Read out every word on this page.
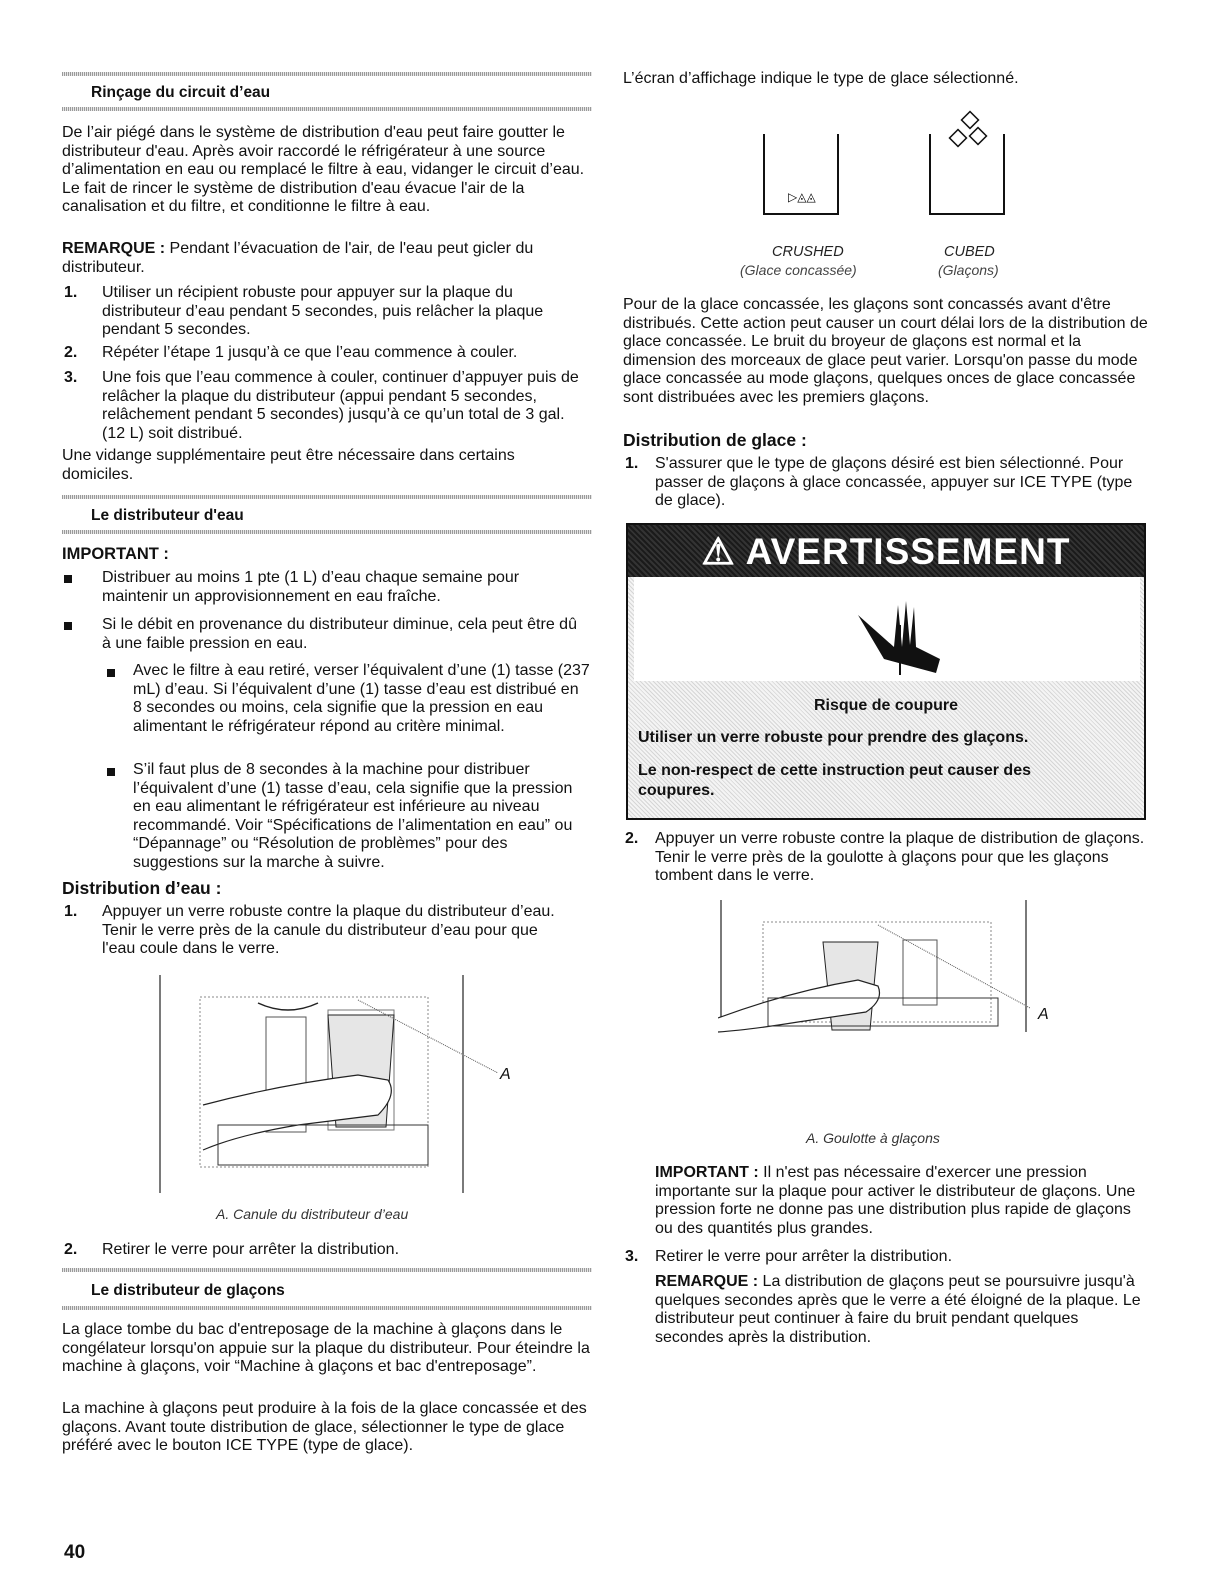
Rinçage du circuit d’eau

De l’air piégé dans le système de distribution d'eau peut faire goutter le distributeur d'eau. Après avoir raccordé le réfrigérateur à une source d’alimentation en eau ou remplacé le filtre à eau, vidanger le circuit d’eau. Le fait de rincer le système de distribution d'eau évacue l'air de la canalisation et du filtre, et conditionne le filtre à eau.

REMARQUE : Pendant l’évacuation de l'air, de l'eau peut gicler du distributeur.

1. Utiliser un récipient robuste pour appuyer sur la plaque du distributeur d’eau pendant 5 secondes, puis relâcher la plaque pendant 5 secondes.

2. Répéter l’étape 1 jusqu’à ce que l’eau commence à couler.

3. Une fois que l’eau commence à couler, continuer d’appuyer puis de relâcher la plaque du distributeur (appui pendant 5 secondes, relâchement pendant 5 secondes) jusqu’à ce qu’un total de 3 gal. (12 L) soit distribué.

Une vidange supplémentaire peut être nécessaire dans certains domiciles.

Le distributeur d'eau
IMPORTANT :

Distribuer au moins 1 pte (1 L) d’eau chaque semaine pour maintenir un approvisionnement en eau fraîche.

Si le débit en provenance du distributeur diminue, cela peut être dû à une faible pression en eau.

Avec le filtre à eau retiré, verser l’équivalent d’une (1) tasse (237 mL) d’eau. Si l’équivalent d’une (1) tasse d’eau est distribué en 8 secondes ou moins, cela signifie que la pression en eau alimentant le réfrigérateur répond au critère minimal.

S’il faut plus de 8 secondes à la machine pour distribuer l’équivalent d’une (1) tasse d’eau, cela signifie que la pression en eau alimentant le réfrigérateur est inférieure au niveau recommandé. Voir “Spécifications de l’alimentation en eau” ou “Dépannage” ou “Résolution de problèmes” pour des suggestions sur la marche à suivre.

Distribution d’eau :
1. Appuyer un verre robuste contre la plaque du distributeur d’eau. Tenir le verre près de la canule du distributeur d’eau pour que l'eau coule dans le verre.

A
A. Canule du distributeur d’eau
2. Retirer le verre pour arrêter la distribution.

Le distributeur de glaçons

La glace tombe du bac d'entreposage de la machine à glaçons dans le congélateur lorsqu'on appuie sur la plaque du distributeur. Pour éteindre la machine à glaçons, voir “Machine à glaçons et bac d'entreposage”.

La machine à glaçons peut produire à la fois de la glace concassée et des glaçons. Avant toute distribution de glace, sélectionner le type de glace préféré avec le bouton ICE TYPE (type de glace).

L’écran d’affichage indique le type de glace sélectionné.

▷◬◬
CRUSHED
(Glace concassée)
CUBED
(Glaçons)

Pour de la glace concassée, les glaçons sont concassés avant d'être distribués. Cette action peut causer un court délai lors de la distribution de glace concassée. Le bruit du broyeur de glaçons est normal et la dimension des morceaux de glace peut varier. Lorsqu'on passe du mode glace concassée au mode glaçons, quelques onces de glace concassée sont distribuées avec les premiers glaçons.

Distribution de glace :
1. S'assurer que le type de glaçons désiré est bien sélectionné. Pour passer de glaçons à glace concassée, appuyer sur ICE TYPE (type de glace).

⚠ AVERTISSEMENT
Risque de coupure
Utiliser un verre robuste pour prendre des glaçons.
Le non-respect de cette instruction peut causer des coupures.
2. Appuyer un verre robuste contre la plaque de distribution de glaçons. Tenir le verre près de la goulotte à glaçons pour que les glaçons tombent dans le verre.

A
A. Goulotte à glaçons

IMPORTANT : Il n'est pas nécessaire d'exercer une pression importante sur la plaque pour activer le distributeur de glaçons. Une pression forte ne donne pas une distribution plus rapide de glaçons ou des quantités plus grandes.

3. Retirer le verre pour arrêter la distribution.

REMARQUE : La distribution de glaçons peut se poursuivre jusqu'à quelques secondes après que le verre a été éloigné de la plaque. Le distributeur peut continuer à faire du bruit pendant quelques secondes après la distribution.

40
